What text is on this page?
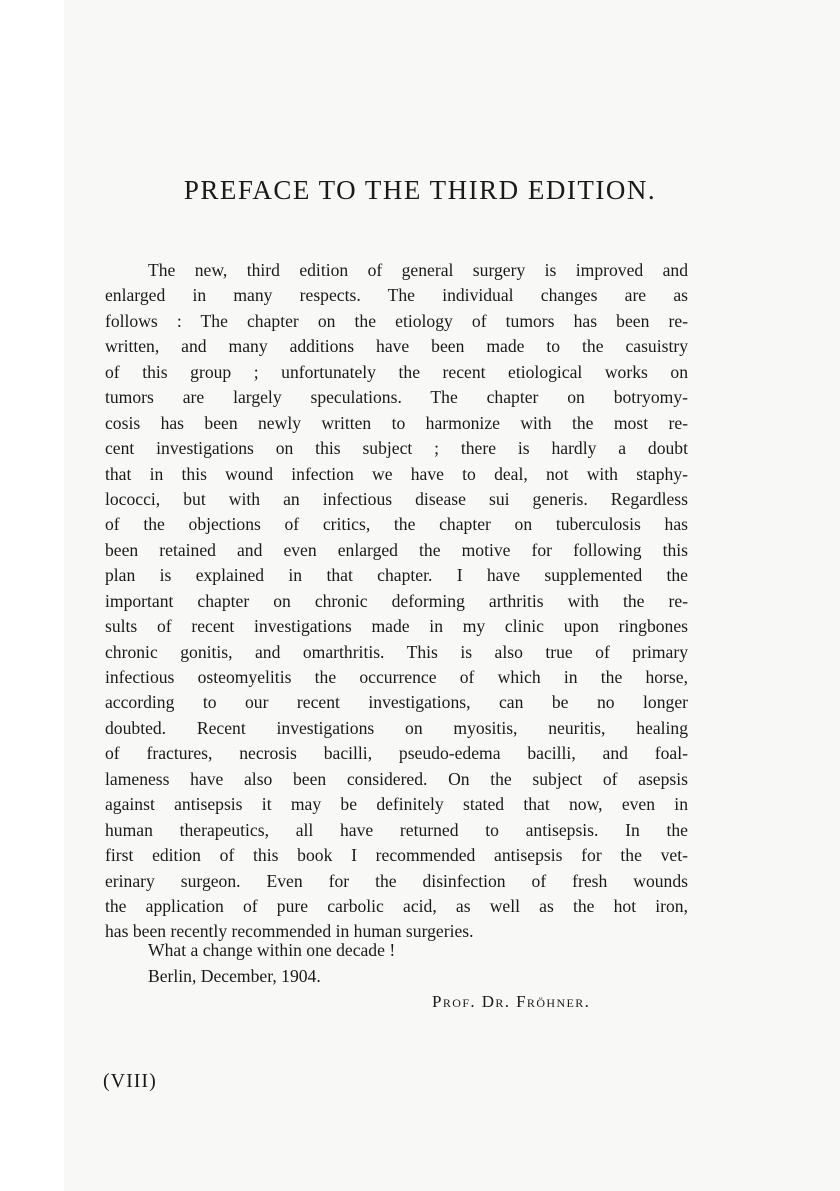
PREFACE TO THE THIRD EDITION.
The new, third edition of general surgery is improved and
enlarged in many respects. The individual changes are as
follows : The chapter on the etiology of tumors has been re-
written, and many additions have been made to the casuistry
of this group ; unfortunately the recent etiological works on
tumors are largely speculations. The chapter on botryomy-
cosis has been newly written to harmonize with the most re-
cent investigations on this subject ; there is hardly a doubt
that in this wound infection we have to deal, not with staphy-
lococci, but with an infectious disease sui generis. Regardless
of the objections of critics, the chapter on tuberculosis has
been retained and even enlarged the motive for following this
plan is explained in that chapter. I have supplemented the
important chapter on chronic deforming arthritis with the re-
sults of recent investigations made in my clinic upon ringbones
chronic gonitis, and omarthritis. This is also true of primary
infectious osteomyelitis the occurrence of which in the horse,
according to our recent investigations, can be no longer
doubted. Recent investigations on myositis, neuritis, healing
of fractures, necrosis bacilli, pseudo-edema bacilli, and foal-
lameness have also been considered. On the subject of asepsis
against antisepsis it may be definitely stated that now, even in
human therapeutics, all have returned to antisepsis. In the
first edition of this book I recommended antisepsis for the vet-
erinary surgeon. Even for the disinfection of fresh wounds
the application of pure carbolic acid, as well as the hot iron,
has been recently recommended in human surgeries.
What a change within one decade !
Berlin, December, 1904.
Prof. Dr. Fröhner.
(VIII)
